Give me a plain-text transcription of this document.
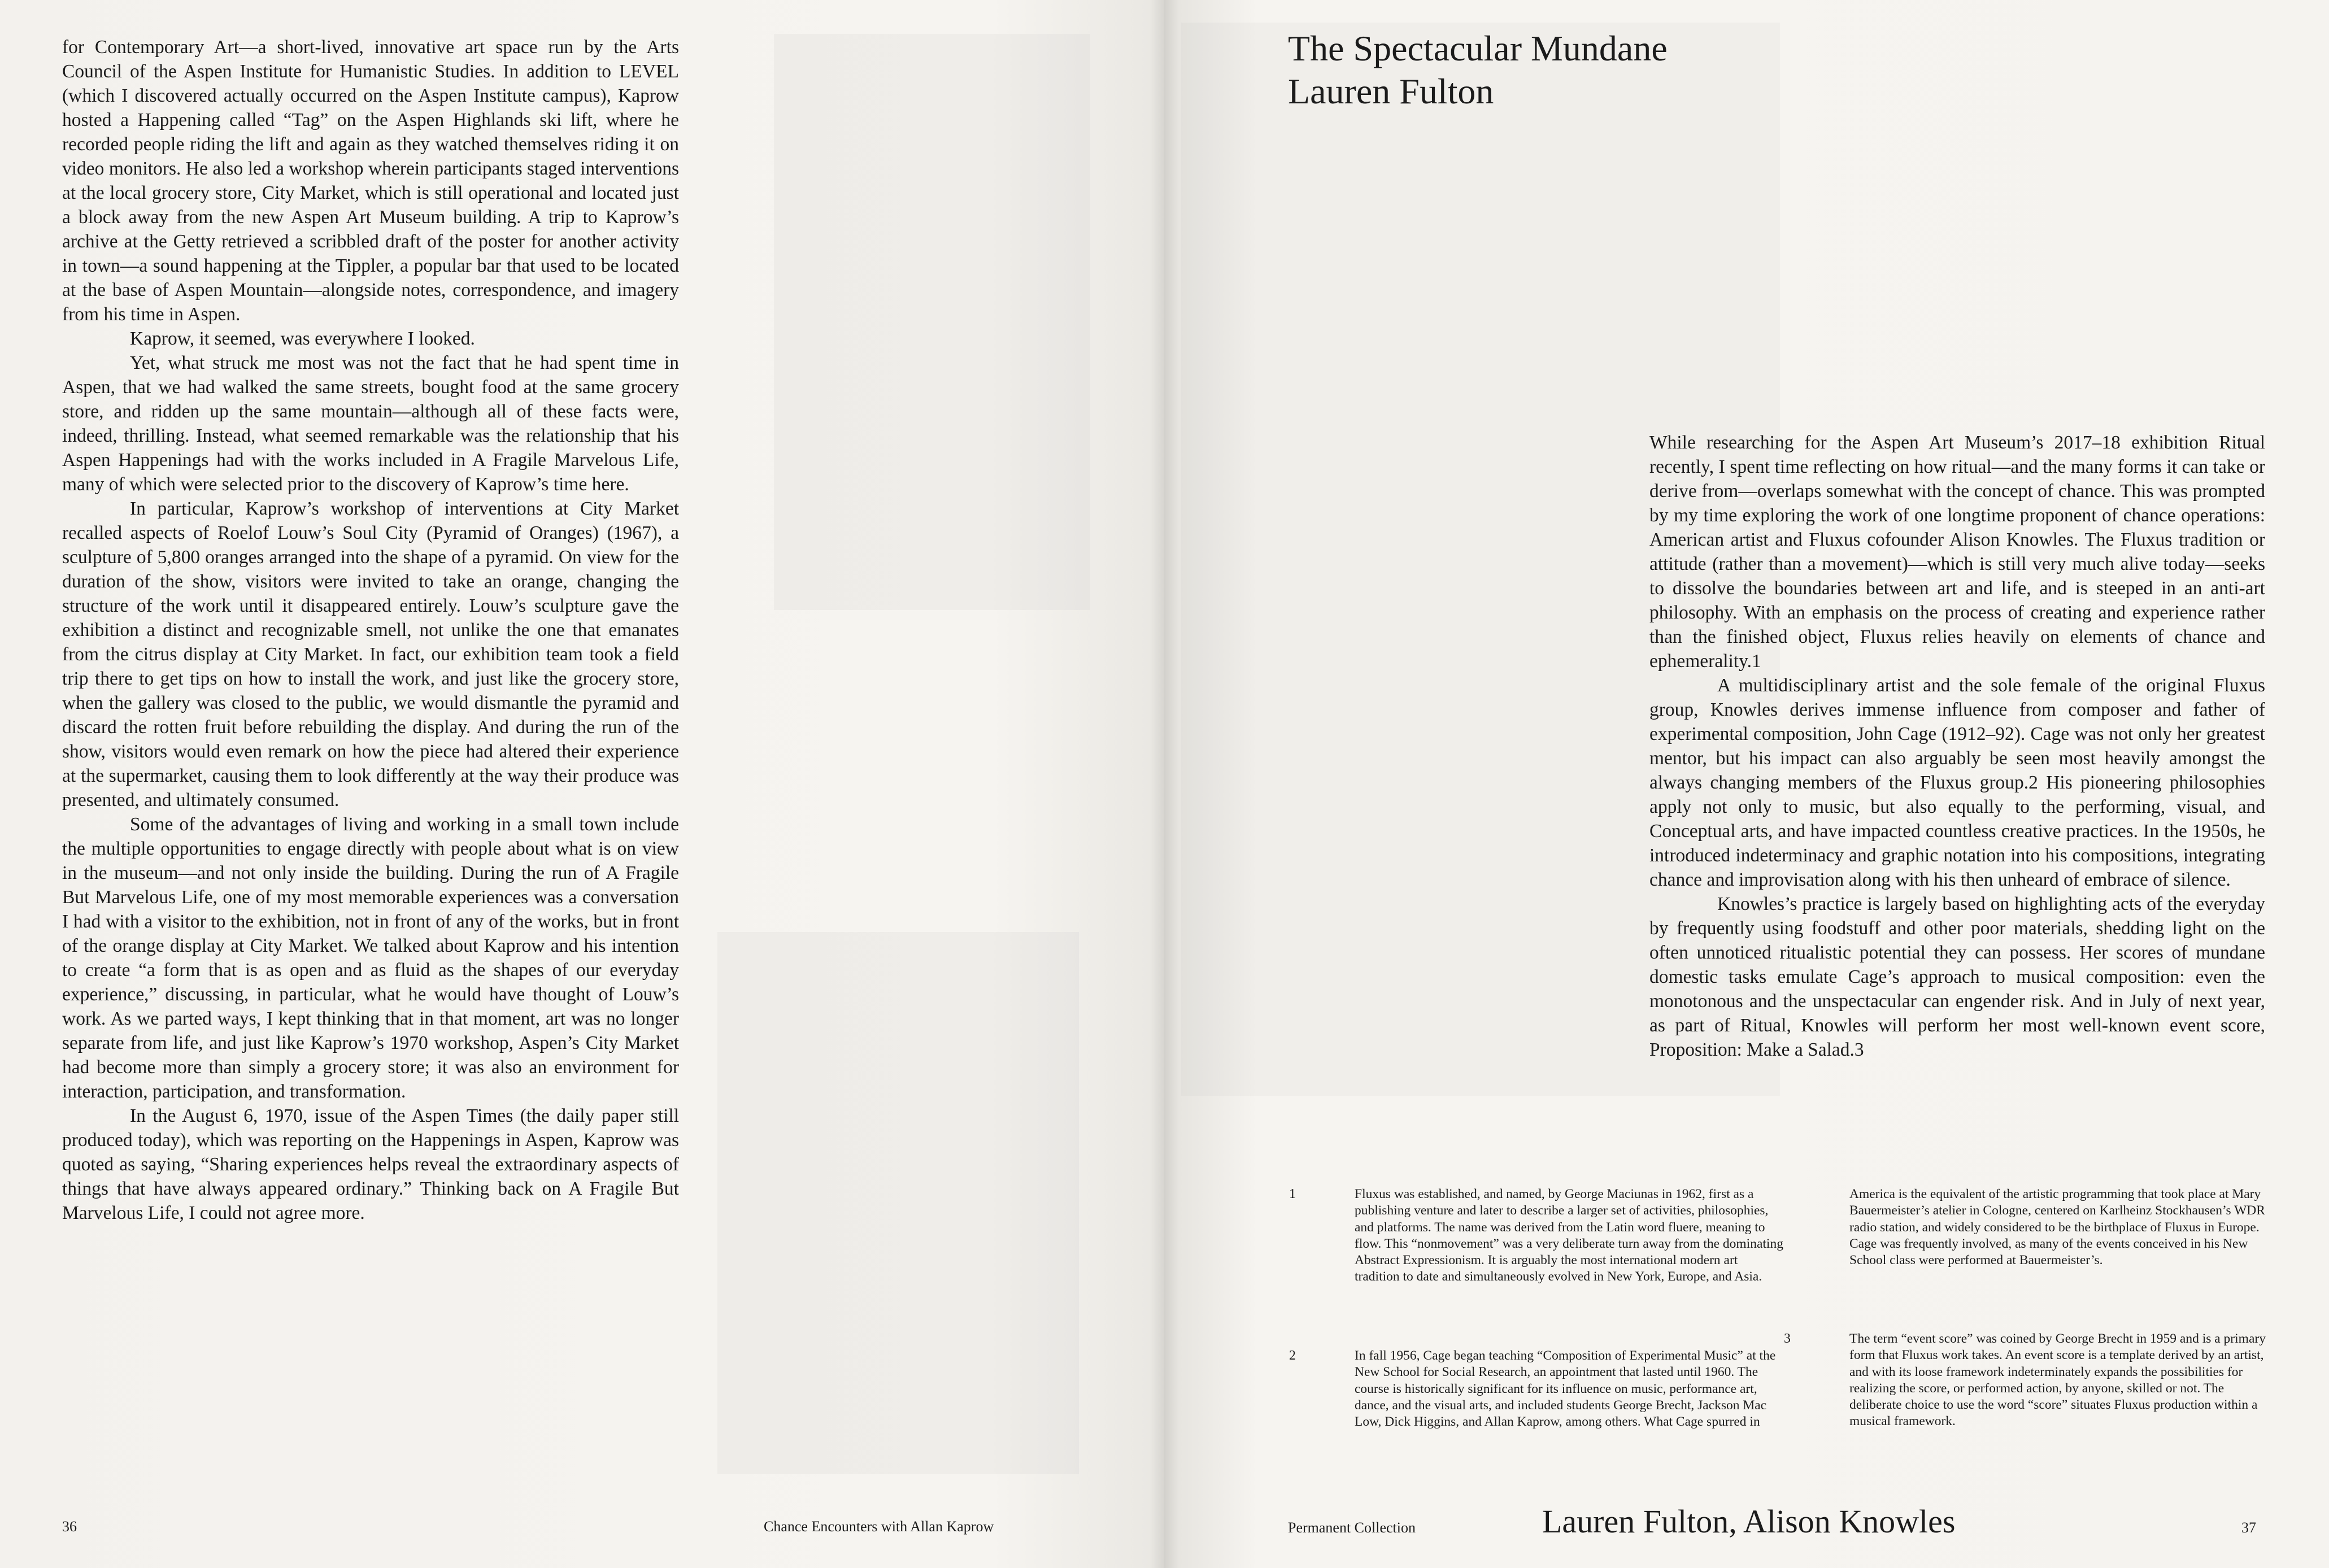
for Contemporary Art—a short-lived, innovative art space run by the Arts Council of the Aspen Institute for Humanistic Studies. In addition to LEVEL (which I discovered actually occurred on the Aspen Institute campus), Kaprow hosted a Happening called “Tag” on the Aspen Highlands ski lift, where he recorded people riding the lift and again as they watched themselves riding it on video monitors. He also led a workshop wherein participants staged interventions at the local grocery store, City Market, which is still operational and located just a block away from the new Aspen Art Museum building. A trip to Kaprow’s archive at the Getty retrieved a scribbled draft of the poster for another activity in town—a sound happening at the Tippler, a popular bar that used to be located at the base of Aspen Mountain—alongside notes, correspondence, and imagery from his time in Aspen.

Kaprow, it seemed, was everywhere I looked.

Yet, what struck me most was not the fact that he had spent time in Aspen, that we had walked the same streets, bought food at the same grocery store, and ridden up the same mountain—although all of these facts were, indeed, thrilling. Instead, what seemed remarkable was the relationship that his Aspen Happenings had with the works included in A Fragile Marvelous Life, many of which were selected prior to the discovery of Kaprow’s time here.

In particular, Kaprow’s workshop of interventions at City Market recalled aspects of Roelof Louw’s Soul City (Pyramid of Oranges) (1967), a sculpture of 5,800 oranges arranged into the shape of a pyramid. On view for the duration of the show, visitors were invited to take an orange, changing the structure of the work until it disappeared entirely. Louw’s sculpture gave the exhibition a distinct and recognizable smell, not unlike the one that emanates from the citrus display at City Market. In fact, our exhibition team took a field trip there to get tips on how to install the work, and just like the grocery store, when the gallery was closed to the public, we would dismantle the pyramid and discard the rotten fruit before rebuilding the display. And during the run of the show, visitors would even remark on how the piece had altered their experience at the supermarket, causing them to look differently at the way their produce was presented, and ultimately consumed.

Some of the advantages of living and working in a small town include the multiple opportunities to engage directly with people about what is on view in the museum—and not only inside the building. During the run of A Fragile But Marvelous Life, one of my most memorable experiences was a conversation I had with a visitor to the exhibition, not in front of any of the works, but in front of the orange display at City Market. We talked about Kaprow and his intention to create “a form that is as open and as fluid as the shapes of our everyday experience,” discussing, in particular, what he would have thought of Louw’s work. As we parted ways, I kept thinking that in that moment, art was no longer separate from life, and just like Kaprow’s 1970 workshop, Aspen’s City Market had become more than simply a grocery store; it was also an environment for interaction, participation, and transformation.

In the August 6, 1970, issue of the Aspen Times (the daily paper still produced today), which was reporting on the Happenings in Aspen, Kaprow was quoted as saying, “Sharing experiences helps reveal the extraordinary aspects of things that have always appeared ordinary.” Thinking back on A Fragile But Marvelous Life, I could not agree more.

36	Chance Encounters with Allan Kaprow
The Spectacular Mundane
Lauren Fulton

While researching for the Aspen Art Museum’s 2017–18 exhibition Ritual recently, I spent time reflecting on how ritual—and the many forms it can take or derive from—overlaps somewhat with the concept of chance. This was prompted by my time exploring the work of one longtime proponent of chance operations: American artist and Fluxus cofounder Alison Knowles. The Fluxus tradition or attitude (rather than a movement)—which is still very much alive today—seeks to dissolve the boundaries between art and life, and is steeped in an anti-art philosophy. With an emphasis on the process of creating and experience rather than the finished object, Fluxus relies heavily on elements of chance and ephemerality.1

A multidisciplinary artist and the sole female of the original Fluxus group, Knowles derives immense influence from composer and father of experimental composition, John Cage (1912–92). Cage was not only her greatest mentor, but his impact can also arguably be seen most heavily amongst the always changing members of the Fluxus group.2 His pioneering philosophies apply not only to music, but also equally to the performing, visual, and Conceptual arts, and have impacted countless creative practices. In the 1950s, he introduced indeterminacy and graphic notation into his compositions, integrating chance and improvisation along with his then unheard of embrace of silence.

Knowles’s practice is largely based on highlighting acts of the everyday by frequently using foodstuff and other poor materials, shedding light on the often unnoticed ritualistic potential they can possess. Her scores of mundane domestic tasks emulate Cage’s approach to musical composition: even the monotonous and the unspectacular can engender risk. And in July of next year, as part of Ritual, Knowles will perform her most well-known event score, Proposition: Make a Salad.3

1	Fluxus was established, and named, by George Maciunas in 1962, first as a publishing venture and later to describe a larger set of activities, philosophies, and platforms. The name was derived from the Latin word fluere, meaning to flow. This “nonmovement” was a very deliberate turn away from the dominating Abstract Expressionism. It is arguably the most international modern art tradition to date and simultaneously evolved in New York, Europe, and Asia.
2	In fall 1956, Cage began teaching “Composition of Experimental Music” at the New School for Social Research, an appointment that lasted until 1960. The course is historically significant for its influence on music, performance art, dance, and the visual arts, and included students George Brecht, Jackson Mac Low, Dick Higgins, and Allan Kaprow, among others. What Cage spurred in
America is the equivalent of the artistic programming that took place at Mary Bauermeister’s atelier in Cologne, centered on Karlheinz Stockhausen’s WDR radio station, and widely considered to be the birthplace of Fluxus in Europe. Cage was frequently involved, as many of the events conceived in his New School class were performed at Bauermeister’s.
3	The term “event score” was coined by George Brecht in 1959 and is a primary form that Fluxus work takes. An event score is a template derived by an artist, and with its loose framework indeterminately expands the possibilities for realizing the score, or performed action, by anyone, skilled or not. The deliberate choice to use the word “score” situates Fluxus production within a musical framework.
Permanent Collection	Lauren Fulton, Alison Knowles	37
